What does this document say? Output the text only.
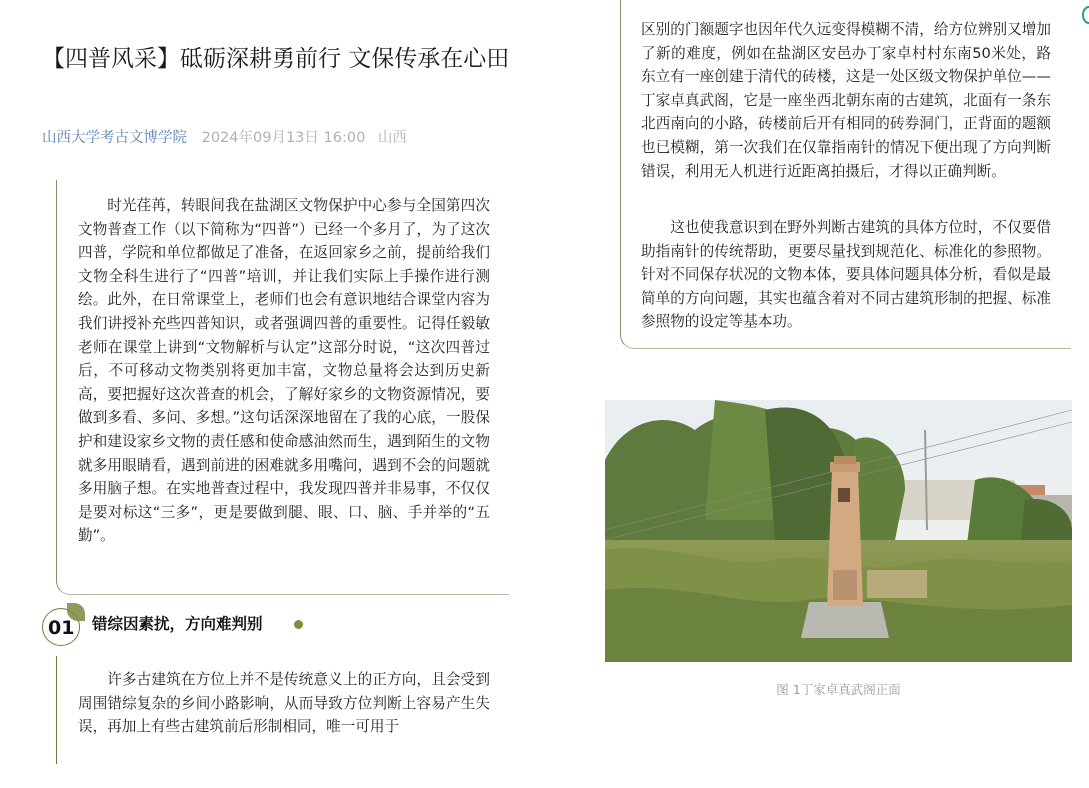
【四普风采】砥砺深耕勇前行 文保传承在心田
山西大学考古文博学院 2024年09月13日 16:00 山西

时光荏苒，转眼间我在盐湖区文物保护中心参与全国第四次文物普查工作（以下简称为“四普”）已经一个多月了，为了这次四普，学院和单位都做足了准备，在返回家乡之前，提前给我们文物全科生进行了“四普”培训，并让我们实际上手操作进行测绘。此外，在日常课堂上，老师们也会有意识地结合课堂内容为我们讲授补充些四普知识，或者强调四普的重要性。记得任毅敏老师在课堂上讲到“文物解析与认定”这部分时说，“这次四普过后，不可移动文物类别将更加丰富，文物总量将会达到历史新高，要把握好这次普查的机会，了解好家乡的文物资源情况，要做到多看、多问、多想。”这句话深深地留在了我的心底，一股保护和建设家乡文物的责任感和使命感油然而生，遇到陌生的文物就多用眼睛看，遇到前进的困难就多用嘴问，遇到不会的问题就多用脑子想。在实地普查过程中，我发现四普并非易事，不仅仅是要对标这“三多”，更是要做到腿、眼、口、脑、手并举的“五勤”。

01 错综因素扰，方向难判别

许多古建筑在方位上并不是传统意义上的正方向，且会受到周围错综复杂的乡间小路影响，从而导致方位判断上容易产生失误，再加上有些古建筑前后形制相同，唯一可用于

区别的门额题字也因年代久远变得模糊不清，给方位辨别又增加了新的难度，例如在盐湖区安邑办丁家卓村村东南50米处，路东立有一座创建于清代的砖楼，这是一处区级文物保护单位——丁家卓真武阁，它是一座坐西北朝东南的古建筑，北面有一条东北西南向的小路，砖楼前后开有相同的砖券洞门，正背面的题额也已模糊，第一次我们在仅靠指南针的情况下便出现了方向判断错误，利用无人机进行近距离拍摄后，才得以正确判断。

这也使我意识到在野外判断古建筑的具体方位时，不仅要借助指南针的传统帮助，更要尽量找到规范化、标准化的参照物。针对不同保存状况的文物本体，要具体问题具体分析，看似是最简单的方向问题，其实也蕴含着对不同古建筑形制的把握、标准参照物的设定等基本功。

图 1丁家卓真武阁正面
